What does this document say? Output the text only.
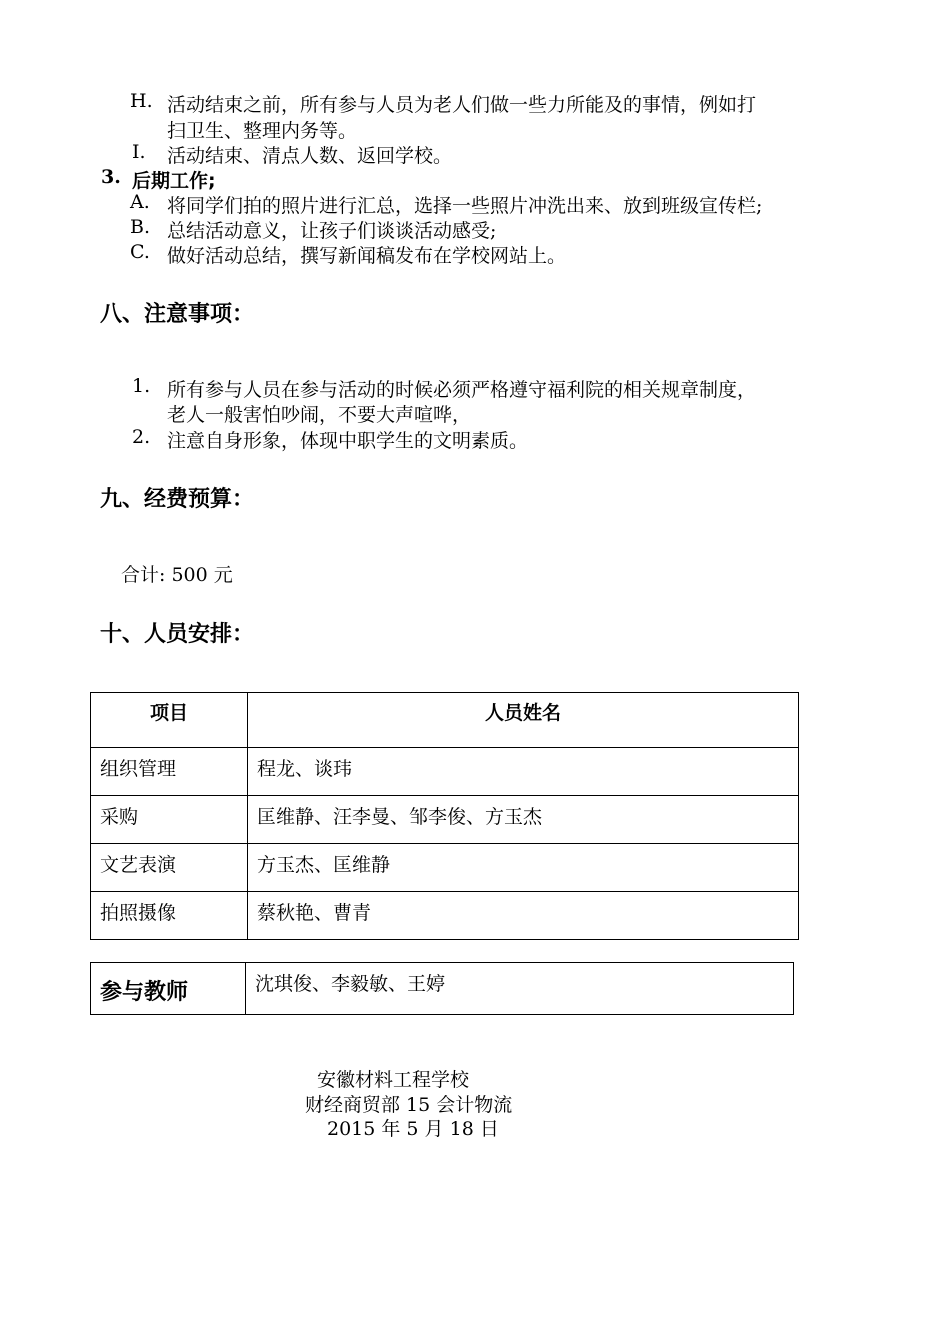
H. 活动结束之前，所有参与人员为老人们做一些力所能及的事情，例如打
扫卫生、整理内务等。
I. 活动结束、清点人数、返回学校。
3. 后期工作;
A. 将同学们拍的照片进行汇总，选择一些照片冲洗出来、放到班级宣传栏;
B. 总结活动意义，让孩子们谈谈活动感受;
C. 做好活动总结，撰写新闻稿发布在学校网站上。
八、注意事项：
1. 所有参与人员在参与活动的时候必须严格遵守福利院的相关规章制度，
老人一般害怕吵闹，不要大声喧哗，
2. 注意自身形象，体现中职学生的文明素质。
九、经费预算：
合计: 500 元
十、人员安排：
项目	人员姓名
组织管理	程龙、谈玮
采购	匡维静、汪李曼、邹李俊、方玉杰
文艺表演	方玉杰、匡维静
拍照摄像	蔡秋艳、曹青
参与教师	沈琪俊、李毅敏、王婷
安徽材料工程学校
财经商贸部 15 会计物流
2015 年 5 月 18 日
